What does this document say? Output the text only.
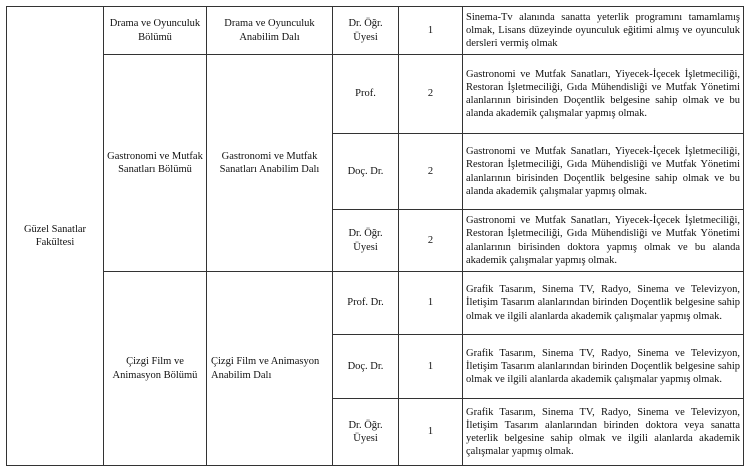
Güzel Sanatlar Fakültesi	Drama ve Oyunculuk Bölümü	Drama ve Oyunculuk Anabilim Dalı	Dr. Öğr. Üyesi	1	Sinema-Tv alanında sanatta yeterlik programını tamamlamış olmak, Lisans düzeyinde oyunculuk eğitimi almış ve oyunculuk dersleri vermiş olmak
	Gastronomi ve Mutfak Sanatları Bölümü	Gastronomi ve Mutfak Sanatları Anabilim Dalı	Prof.	2	Gastronomi ve Mutfak Sanatları, Yiyecek-İçecek İşletmeciliği, Restoran İşletmeciliği, Gıda Mühendisliği ve Mutfak Yönetimi alanlarının birisinden Doçentlik belgesine sahip olmak ve bu alanda akademik çalışmalar yapmış olmak.
			Doç. Dr.	2	Gastronomi ve Mutfak Sanatları, Yiyecek-İçecek İşletmeciliği, Restoran İşletmeciliği, Gıda Mühendisliği ve Mutfak Yönetimi alanlarının birisinden Doçentlik belgesine sahip olmak ve bu alanda akademik çalışmalar yapmış olmak.
			Dr. Öğr. Üyesi	2	Gastronomi ve Mutfak Sanatları, Yiyecek-İçecek İşletmeciliği, Restoran İşletmeciliği, Gıda Mühendisliği ve Mutfak Yönetimi alanlarının birisinden doktora yapmış olmak ve bu alanda akademik çalışmalar yapmış olmak.
	Çizgi Film ve Animasyon Bölümü	Çizgi Film ve Animasyon Anabilim Dalı	Prof. Dr.	1	Grafik Tasarım, Sinema TV, Radyo, Sinema ve Televizyon, İletişim Tasarım alanlarından birinden Doçentlik belgesine sahip olmak ve ilgili alanlarda akademik çalışmalar yapmış olmak.
			Doç. Dr.	1	Grafik Tasarım, Sinema TV, Radyo, Sinema ve Televizyon, İletişim Tasarım alanlarından birinden Doçentlik belgesine sahip olmak ve ilgili alanlarda akademik çalışmalar yapmış olmak.
			Dr. Öğr. Üyesi	1	Grafik Tasarım, Sinema TV, Radyo, Sinema ve Televizyon, İletişim Tasarım alanlarından birinden doktora veya sanatta yeterlik belgesine sahip olmak ve ilgili alanlarda akademik çalışmalar yapmış olmak.
